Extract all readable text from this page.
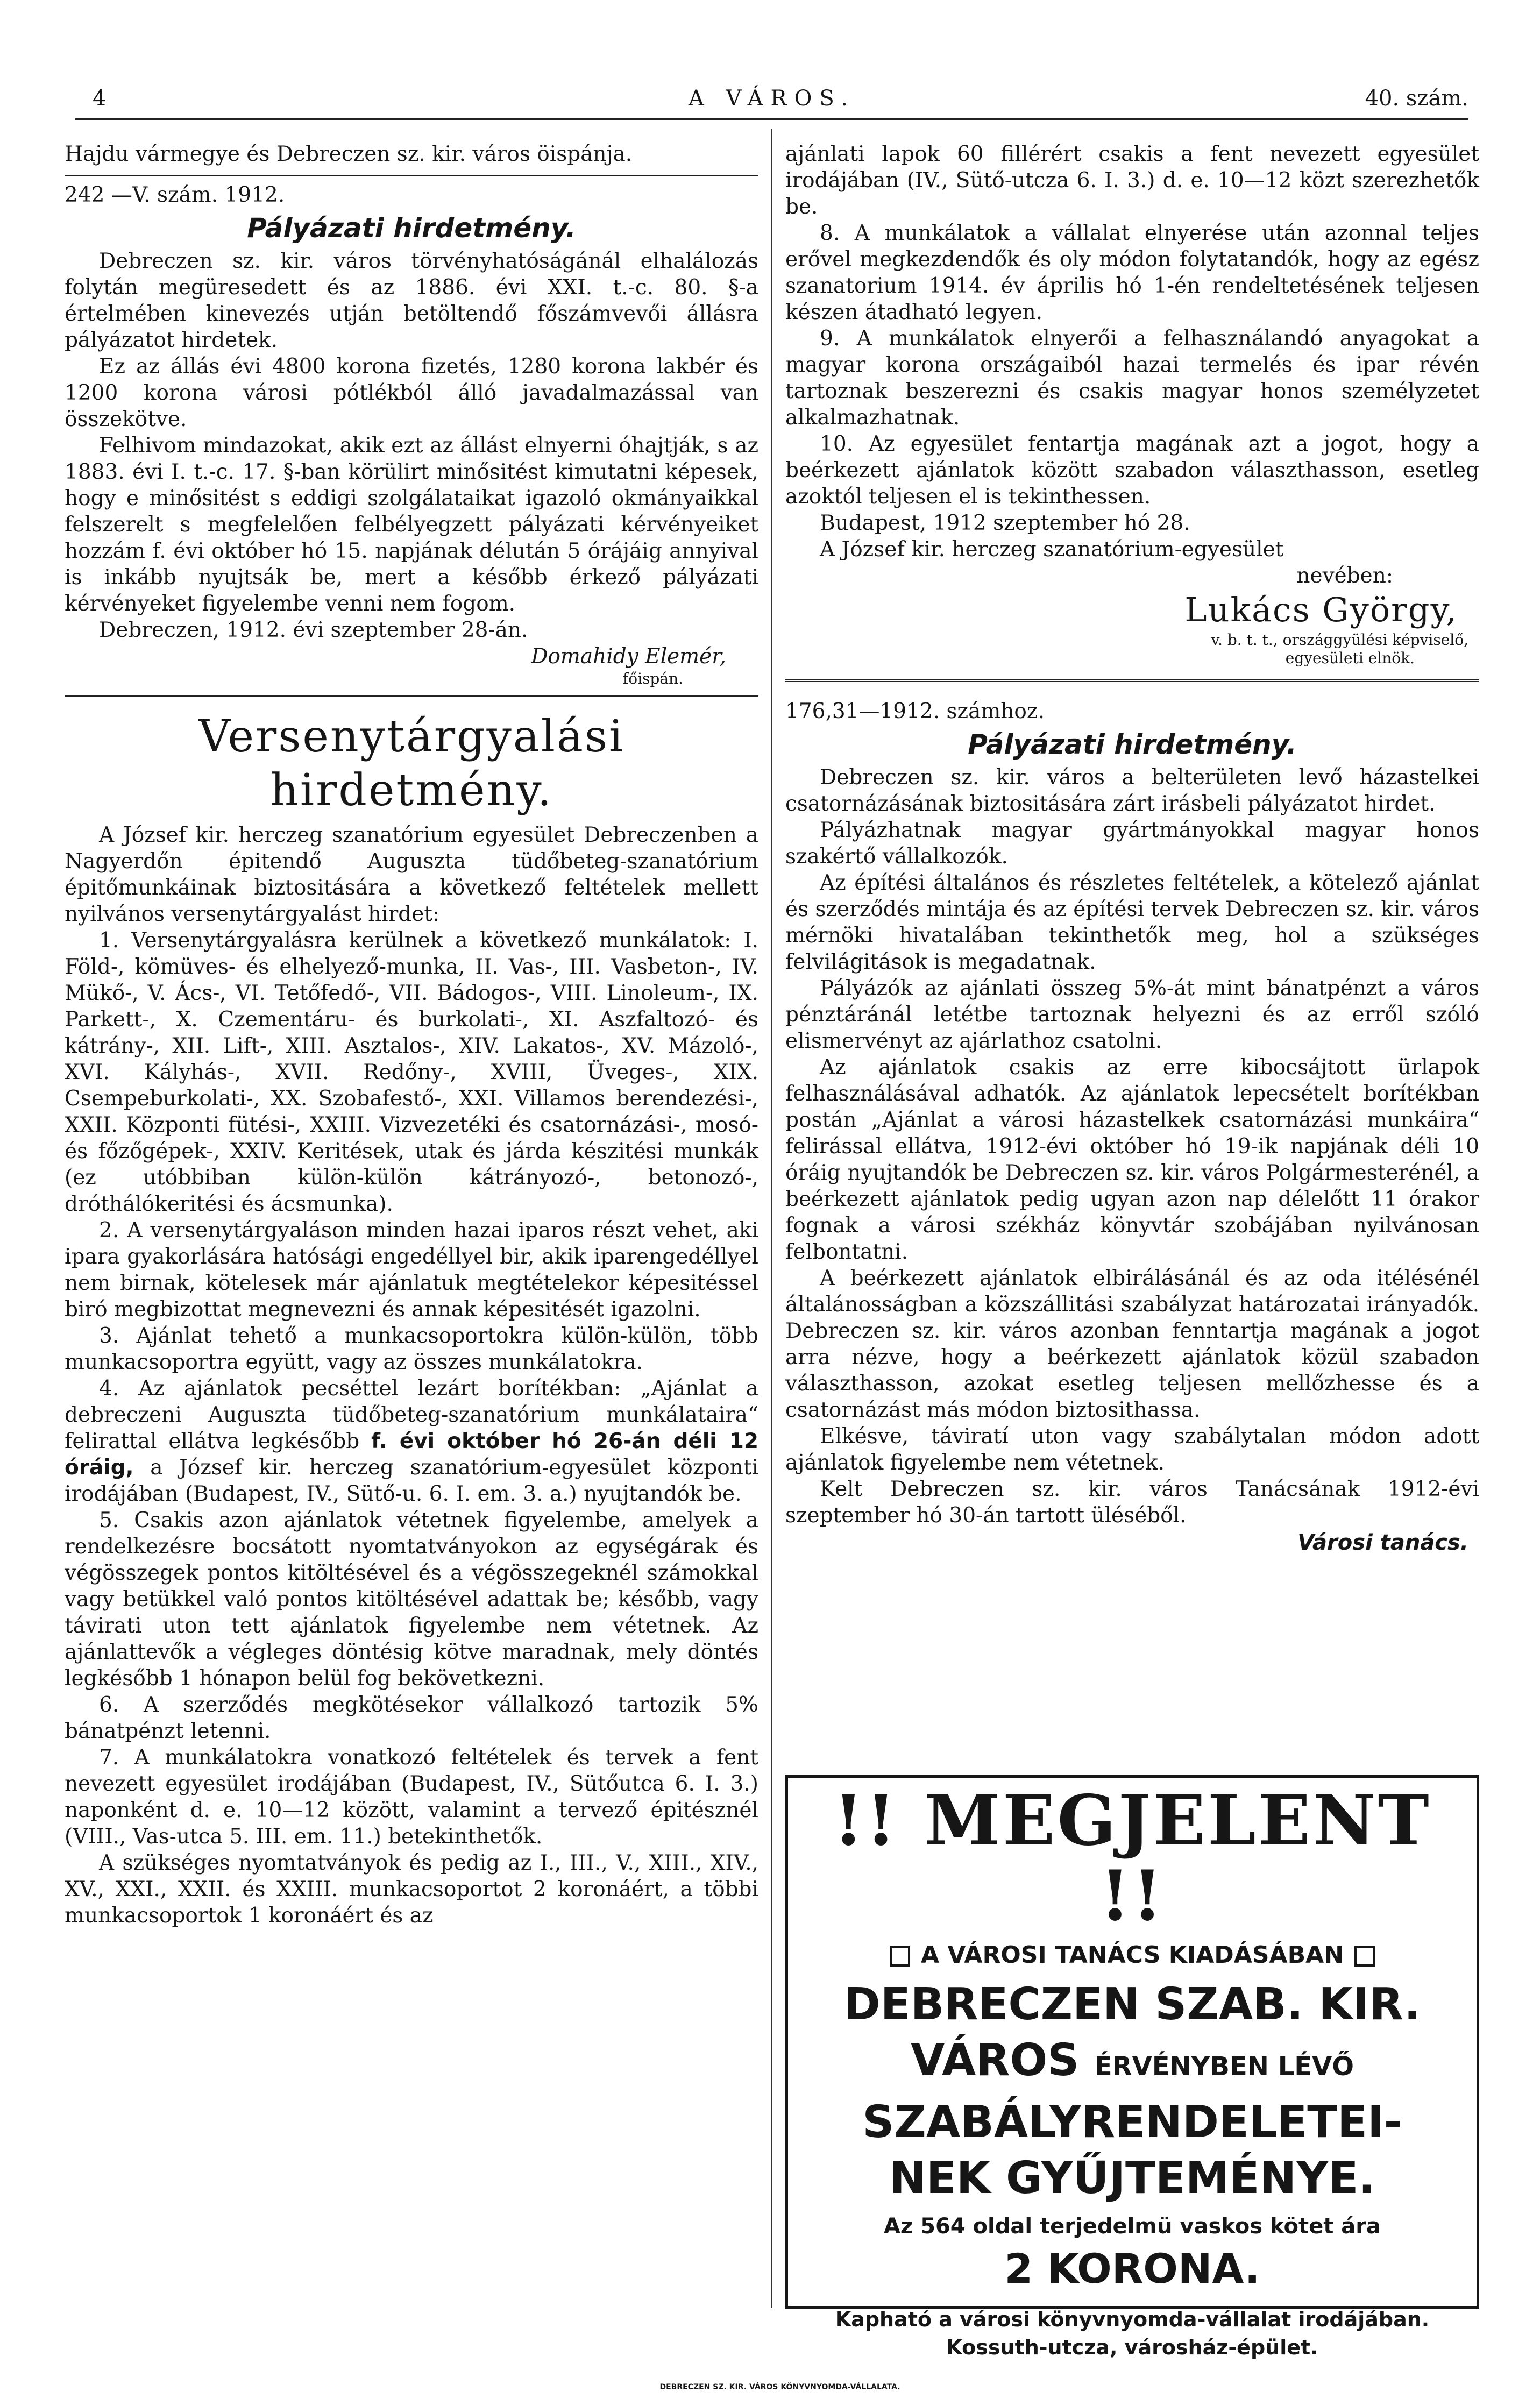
4	A VÁROS.	40. szám.

Hajdu vármegye és Debreczen sz. kir. város öispánja.

242 —V. szám. 1912.

Pályázati hirdetmény.

Debreczen sz. kir. város törvényhatóságánál elhalálozás folytán megüresedett és az 1886. évi XXI. t.-c. 80. §-a értelmében kinevezés utján betöltendő főszámvevői állásra pályázatot hirdetek.

Ez az állás évi 4800 korona fizetés, 1280 korona lakbér és 1200 korona városi pótlékból álló javadalmazással van összekötve.

Felhivom mindazokat, akik ezt az állást elnyerni óhajtják, s az 1883. évi I. t.-c. 17. §-ban körülirt minősitést kimutatni képesek, hogy e minősitést s eddigi szolgálataikat igazoló okmányaikkal felszerelt s megfelelően felbélyegzett pályázati kérvényeiket hozzám f. évi október hó 15. napjának délután 5 órájáig annyival is inkább nyujtsák be, mert a később érkező pályázati kérvényeket figyelembe venni nem fogom.

Debreczen, 1912. évi szeptember 28-án.

Domahidy Elemér,
főispán.
Versenytárgyalási hirdetmény.

A József kir. herczeg szanatórium egyesület Debreczenben a Nagyerdőn épitendő Auguszta tüdőbeteg-szanatórium épitőmunkáinak biztositására a következő feltételek mellett nyilvános versenytárgyalást hirdet:

1. Versenytárgyalásra kerülnek a következő munkálatok: I. Föld-, kömüves- és elhelyező-munka, II. Vas-, III. Vasbeton-, IV. Mükő-, V. Ács-, VI. Tetőfedő-, VII. Bádogos-, VIII. Linoleum-, IX. Parkett-, X. Czementáru- és burkolati-, XI. Aszfaltozó- és kátrány-, XII. Lift-, XIII. Asztalos-, XIV. Lakatos-, XV. Mázoló-, XVI. Kályhás-, XVII. Redőny-, XVIII, Üveges-, XIX. Csempeburkolati-, XX. Szobafestő-, XXI. Villamos berendezési-, XXII. Központi fütési-, XXIII. Vizvezetéki és csatornázási-, mosó- és főzőgépek-, XXIV. Keritések, utak és járda készitési munkák (ez utóbbiban külön-külön kátrányozó-, betonozó-, dróthálókeritési és ácsmunka).

2. A versenytárgyaláson minden hazai iparos részt vehet, aki ipara gyakorlására hatósági engedéllyel bir, akik iparengedéllyel nem birnak, kötelesek már ajánlatuk megtételekor képesitéssel biró megbizottat megnevezni és annak képesitését igazolni.

3. Ajánlat tehető a munkacsoportokra külön-külön, több munkacsoportra együtt, vagy az összes munkálatokra.

4. Az ajánlatok pecséttel lezárt borítékban: „Ajánlat a debreczeni Auguszta tüdőbeteg-szanatórium munkálataira“ felirattal ellátva legkésőbb f. évi október hó 26-án déli 12 óráig, a József kir. herczeg szanatórium-egyesület központi irodájában (Budapest, IV., Sütő-u. 6. I. em. 3. a.) nyujtandók be.

5. Csakis azon ajánlatok vétetnek figyelembe, amelyek a rendelkezésre bocsátott nyomtatványokon az egységárak és végösszegek pontos kitöltésével és a végösszegeknél számokkal vagy betükkel való pontos kitöltésével adattak be; később, vagy távirati uton tett ajánlatok figyelembe nem vétetnek. Az ajánlattevők a végleges döntésig kötve maradnak, mely döntés legkésőbb 1 hónapon belül fog bekövetkezni.

6. A szerződés megkötésekor vállalkozó tartozik 5% bánatpénzt letenni.

7. A munkálatokra vonatkozó feltételek és tervek a fent nevezett egyesület irodájában (Budapest, IV., Sütőutca 6. I. 3.) naponként d. e. 10—12 között, valamint a tervező épitésznél (VIII., Vas-utca 5. III. em. 11.) betekinthetők.

A szükséges nyomtatványok és pedig az I., III., V., XIII., XIV., XV., XXI., XXII. és XXIII. munkacsoportot 2 koronáért, a többi munkacsoportok 1 koronáért és az

ajánlati lapok 60 fillérért csakis a fent nevezett egyesület irodájában (IV., Sütő-utcza 6. I. 3.) d. e. 10—12 közt szerezhetők be.

8. A munkálatok a vállalat elnyerése után azonnal teljes erővel megkezdendők és oly módon folytatandók, hogy az egész szanatorium 1914. év április hó 1-én rendeltetésének teljesen készen átadható legyen.

9. A munkálatok elnyerői a felhasználandó anyagokat a magyar korona országaiból hazai termelés és ipar révén tartoznak beszerezni és csakis magyar honos személyzetet alkalmazhatnak.

10. Az egyesület fentartja magának azt a jogot, hogy a beérkezett ajánlatok között szabadon választhasson, esetleg azoktól teljesen el is tekinthessen.

Budapest, 1912 szeptember hó 28.

A József kir. herczeg szanatórium-egyesület

nevében:
Lukács György,
v. b. t. t., országgyülési képviselő,
egyesületi elnök.

176,31—1912. számhoz.

Pályázati hirdetmény.

Debreczen sz. kir. város a belterületen levő házastelkei csatornázásának biztositására zárt irásbeli pályázatot hirdet.

Pályázhatnak magyar gyártmányokkal magyar honos szakértő vállalkozók.

Az építési általános és részletes feltételek, a kötelező ajánlat és szerződés mintája és az építési tervek Debreczen sz. kir. város mérnöki hivatalában tekinthetők meg, hol a szükséges felvilágitások is megadatnak.

Pályázók az ajánlati összeg 5%-át mint bánatpénzt a város pénztáránál letétbe tartoznak helyezni és az erről szóló elismervényt az ajárlathoz csatolni.

Az ajánlatok csakis az erre kibocsájtott ürlapok felhasználásával adhatók. Az ajánlatok lepecsételt borítékban postán „Ajánlat a városi házastelkek csatornázási munkáira“ felirással ellátva, 1912-évi október hó 19-ik napjának déli 10 óráig nyujtandók be Debreczen sz. kir. város Polgármesterénél, a beérkezett ajánlatok pedig ugyan azon nap délelőtt 11 órakor fognak a városi székház könyvtár szobájában nyilvánosan felbontatni.

A beérkezett ajánlatok elbirálásánál és az oda itélésénél általánosságban a közszállitási szabályzat határozatai irányadók. Debreczen sz. kir. város azonban fenntartja magának a jogot arra nézve, hogy a beérkezett ajánlatok közül szabadon választhasson, azokat esetleg teljesen mellőzhesse és a csatornázást más módon biztosithassa.

Elkésve, táviratí uton vagy szabálytalan módon adott ajánlatok figyelembe nem vétetnek.

Kelt Debreczen sz. kir. város Tanácsának 1912-évi szeptember hó 30-án tartott üléséből.

Városi tanács.
!! MEGJELENT !!
A VÁROSI TANÁCS KIADÁSÁBAN
DEBRECZEN SZAB. KIR.
VÁROS ÉRVÉNYBEN LÉVŐ
SZABÁLYRENDELETEI-
NEK GYŰJTEMÉNYE.
Az 564 oldal terjedelmü vaskos kötet ára
2 KORONA.
Kapható a városi könyvnyomda-vállalat irodájában. Kossuth-utcza, városház-épület.
DEBRECZEN SZ. KIR. VÁROS KÖNYVNYOMDA-VÁLLALATA.
